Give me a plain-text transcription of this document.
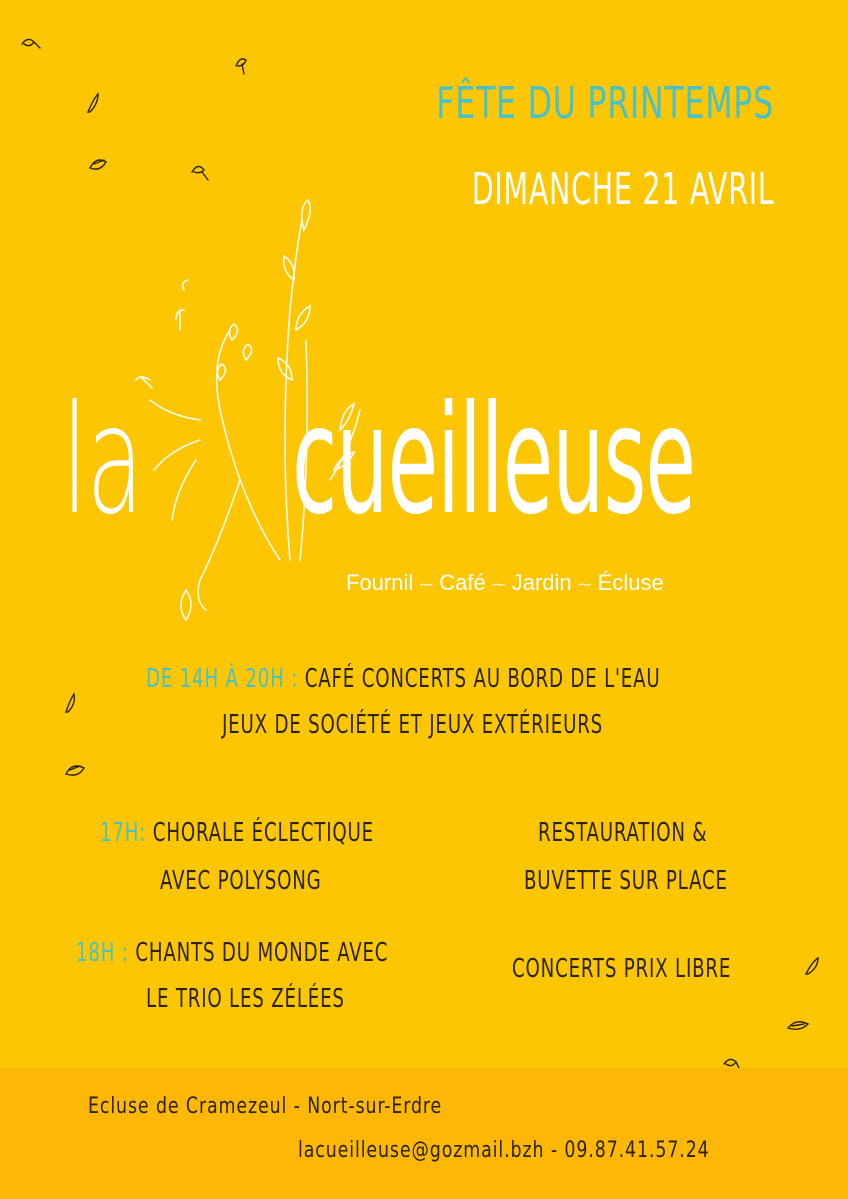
FÊTE DU PRINTEMPS
DIMANCHE 21 AVRIL
la cueilleuse
Fournil ⁓ Café ⁓ Jardin ⁓ Écluse
DE 14H À 20H : CAFÉ CONCERTS AU BORD DE L'EAU
JEUX DE SOCIÉTÉ ET JEUX EXTÉRIEURS
17H: CHORALE ÉCLECTIQUE
AVEC POLYSONG
18H : CHANTS DU MONDE AVEC
LE TRIO LES ZÉLÉES
RESTAURATION &
BUVETTE SUR PLACE
CONCERTS PRIX LIBRE
Ecluse de Cramezeul - Nort-sur-Erdre
lacueilleuse@gozmail.bzh - 09.87.41.57.24
